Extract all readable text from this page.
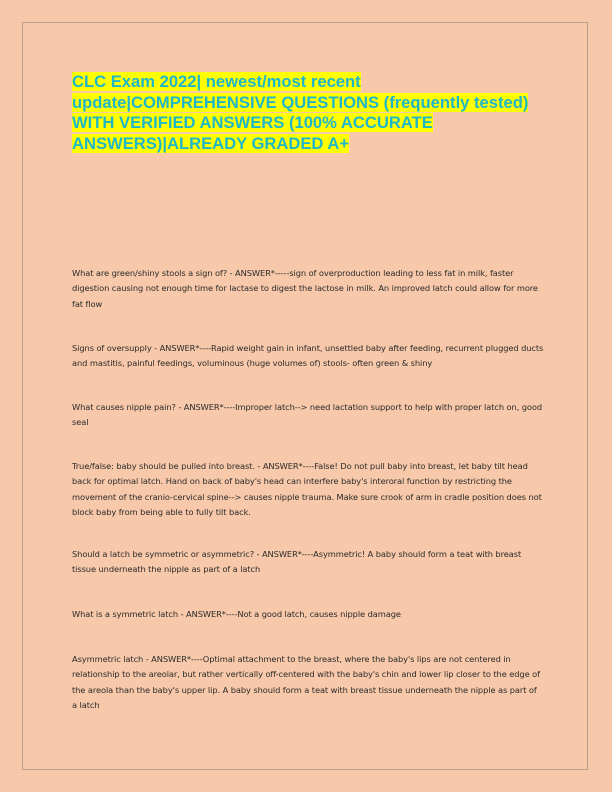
CLC Exam 2022| newest/most recent update|COMPREHENSIVE QUESTIONS (frequently tested) WITH VERIFIED ANSWERS (100% ACCURATE ANSWERS)|ALREADY GRADED A+

What are green/shiny stools a sign of? - ANSWER*-----sign of overproduction leading to less fat in milk, faster digestion causing not enough time for lactase to digest the lactose in milk. An improved latch could allow for more fat flow

Signs of oversupply - ANSWER*----Rapid weight gain in infant, unsettled baby after feeding, recurrent plugged ducts and mastitis, painful feedings, voluminous (huge volumes of) stools- often green & shiny

What causes nipple pain? - ANSWER*----Improper latch--> need lactation support to help with proper latch on, good seal

True/false: baby should be pulled into breast. - ANSWER*----False! Do not pull baby into breast, let baby tilt head back for optimal latch. Hand on back of baby's head can interfere baby's interoral function by restricting the movement of the cranio-cervical spine--> causes nipple trauma. Make sure crook of arm in cradle position does not block baby from being able to fully tilt back.

Should a latch be symmetric or asymmetric? - ANSWER*----Asymmetric! A baby should form a teat with breast tissue underneath the nipple as part of a latch

What is a symmetric latch - ANSWER*----Not a good latch, causes nipple damage

Asymmetric latch - ANSWER*----Optimal attachment to the breast, where the baby's lips are not centered in relationship to the areolar, but rather vertically off-centered with the baby's chin and lower lip closer to the edge of the areola than the baby's upper lip. A baby should form a teat with breast tissue underneath the nipple as part of a latch
